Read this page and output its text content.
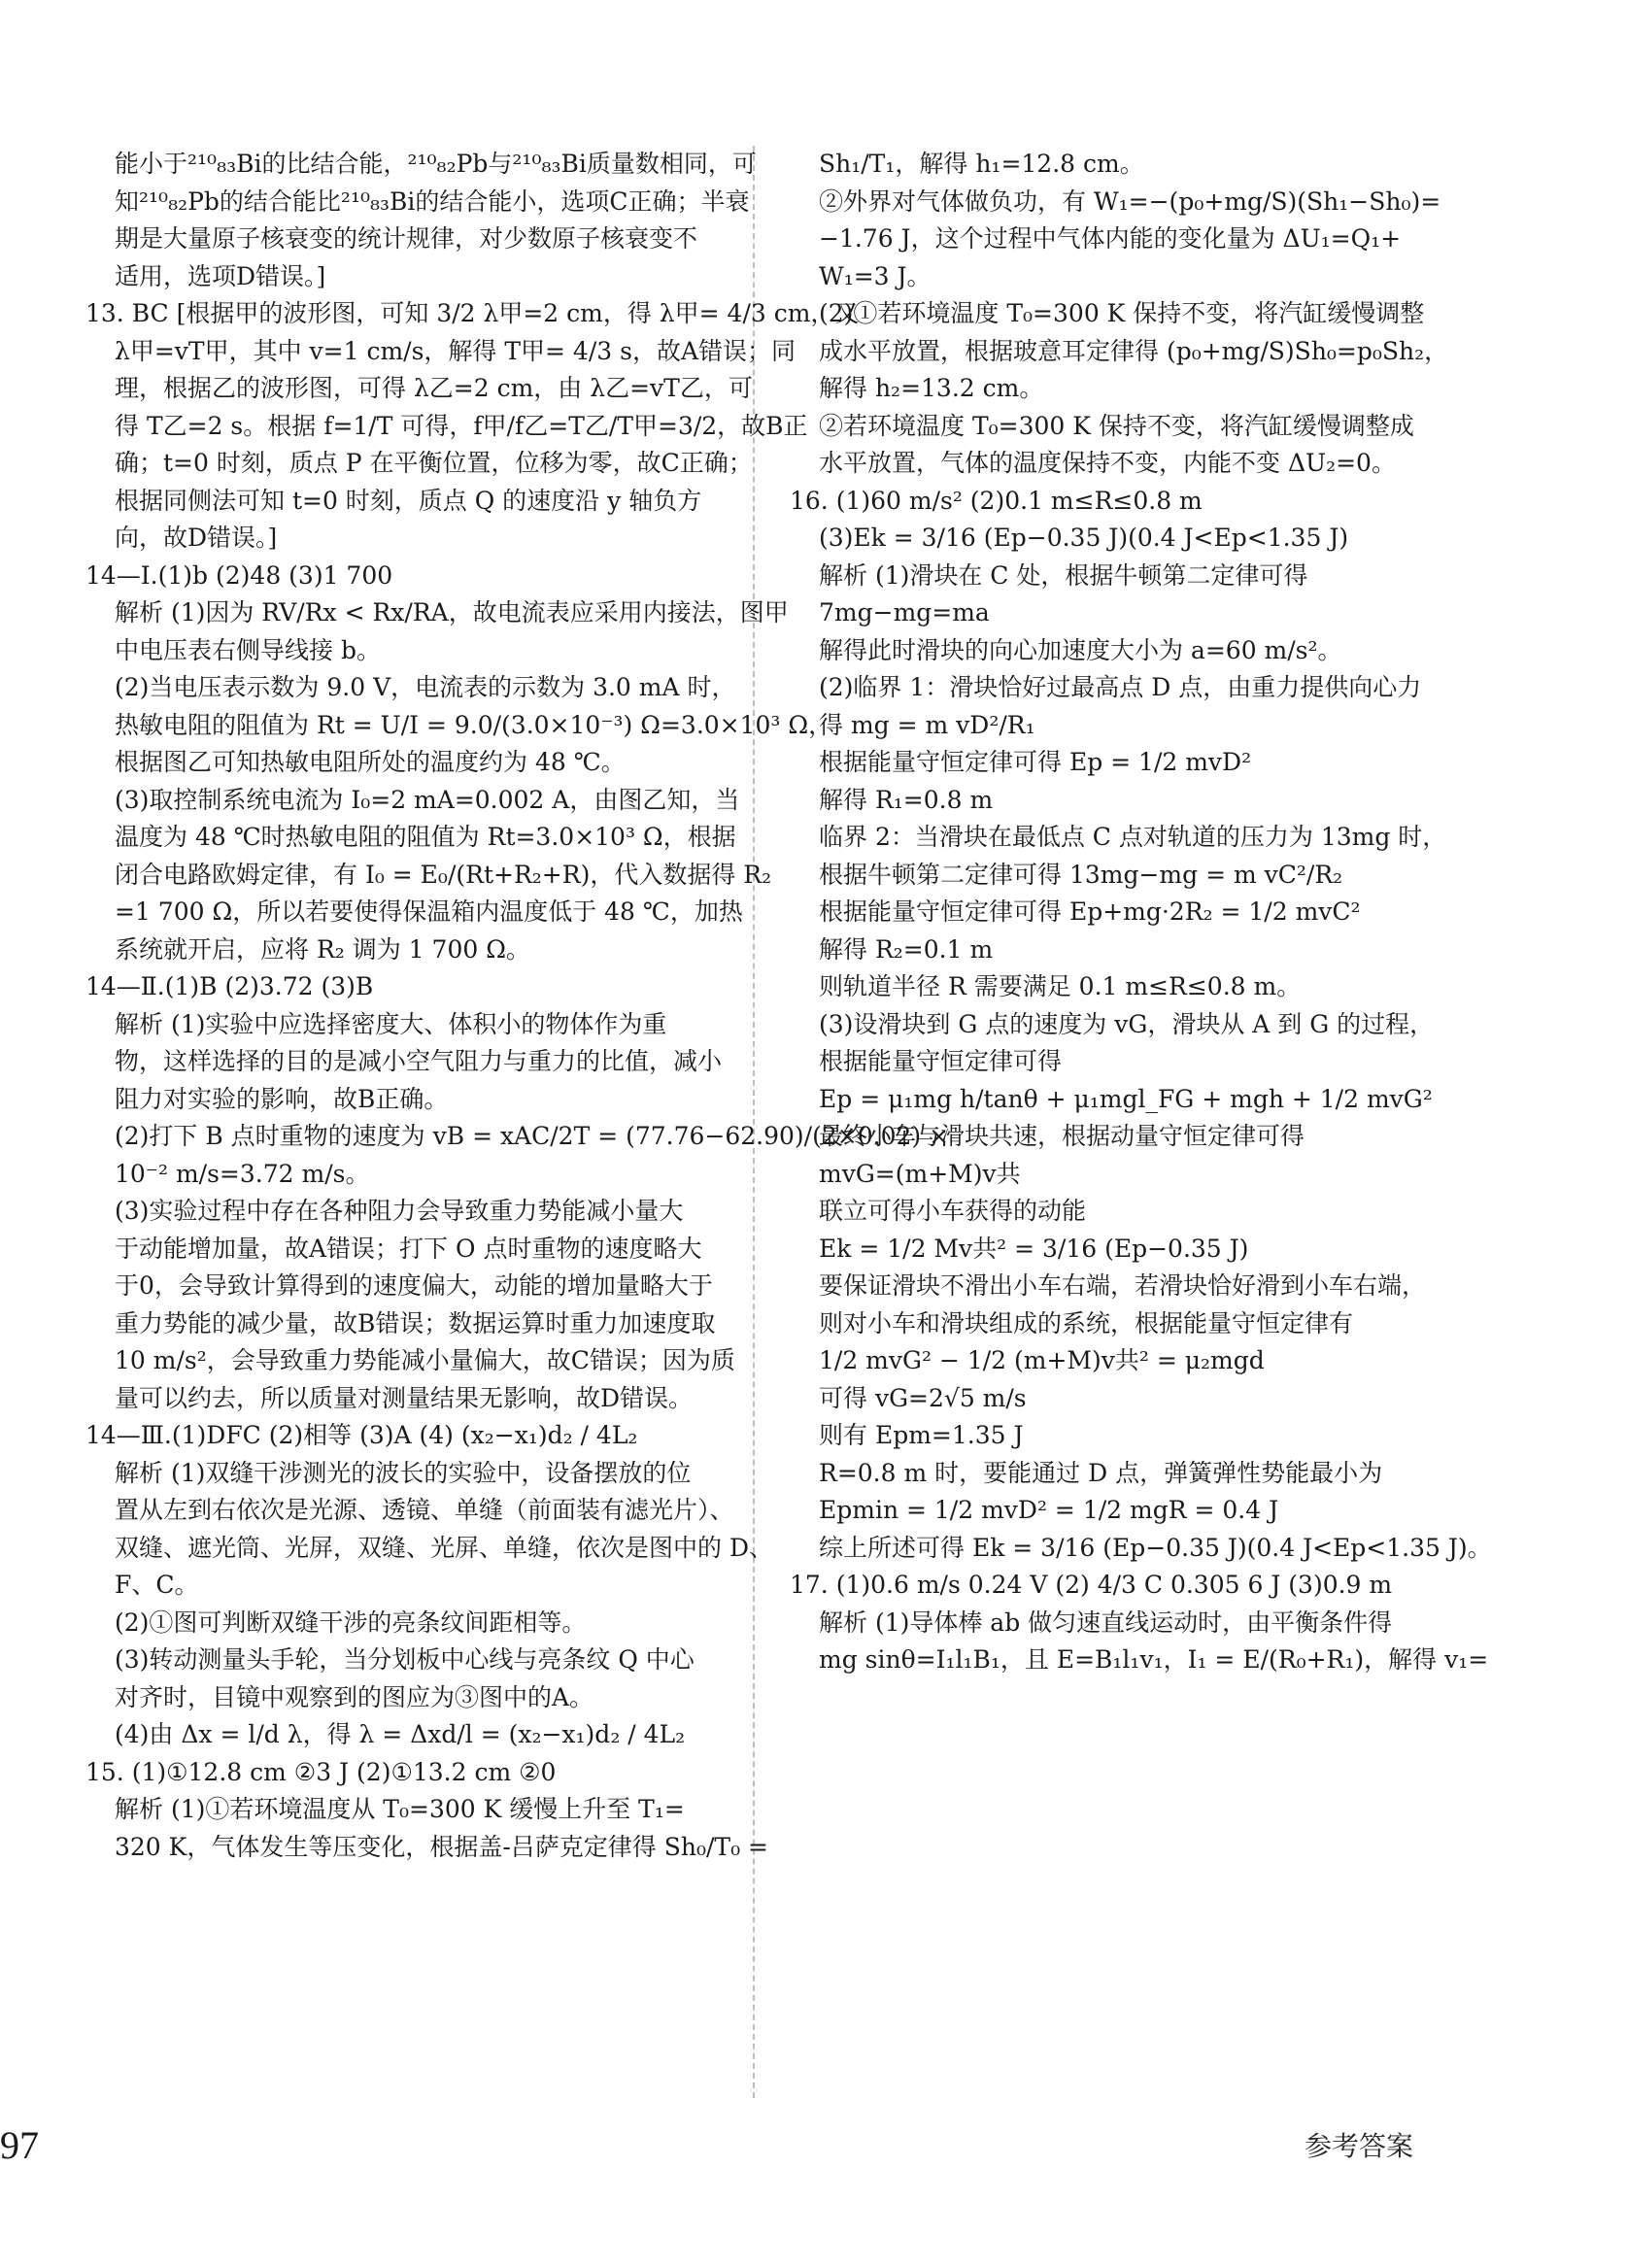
能小于²¹⁰₈₃Bi的比结合能，²¹⁰₈₂Pb与²¹⁰₈₃Bi质量数相同，可

知²¹⁰₈₂Pb的结合能比²¹⁰₈₃Bi的结合能小，选项C正确；半衰

期是大量原子核衰变的统计规律，对少数原子核衰变不

适用，选项D错误。]

13. BC [根据甲的波形图，可知 3/2 λ甲=2 cm，得 λ甲= 4/3 cm，又

λ甲=vT甲，其中 v=1 cm/s，解得 T甲= 4/3 s，故A错误；同

理，根据乙的波形图，可得 λ乙=2 cm，由 λ乙=vT乙，可

得 T乙=2 s。根据 f=1/T 可得，f甲/f乙=T乙/T甲=3/2，故B正

确；t=0 时刻，质点 P 在平衡位置，位移为零，故C正确；

根据同侧法可知 t=0 时刻，质点 Q 的速度沿 y 轴负方

向，故D错误。]

14—Ⅰ.(1)b (2)48 (3)1 700

解析 (1)因为 RV/Rx < Rx/RA，故电流表应采用内接法，图甲

中电压表右侧导线接 b。

(2)当电压表示数为 9.0 V，电流表的示数为 3.0 mA 时，

热敏电阻的阻值为 Rt = U/I = 9.0/(3.0×10⁻³) Ω=3.0×10³ Ω，

根据图乙可知热敏电阻所处的温度约为 48 ℃。

(3)取控制系统电流为 I₀=2 mA=0.002 A，由图乙知，当

温度为 48 ℃时热敏电阻的阻值为 Rt=3.0×10³ Ω，根据

闭合电路欧姆定律，有 I₀ = E₀/(Rt+R₂+R)，代入数据得 R₂

=1 700 Ω，所以若要使得保温箱内温度低于 48 ℃，加热

系统就开启，应将 R₂ 调为 1 700 Ω。

14—Ⅱ.(1)B (2)3.72 (3)B

解析 (1)实验中应选择密度大、体积小的物体作为重

物，这样选择的目的是减小空气阻力与重力的比值，减小

阻力对实验的影响，故B正确。

(2)打下 B 点时重物的速度为 vB = xAC/2T = (77.76−62.90)/(2×0.02) ×

10⁻² m/s=3.72 m/s。

(3)实验过程中存在各种阻力会导致重力势能减小量大

于动能增加量，故A错误；打下 O 点时重物的速度略大

于0，会导致计算得到的速度偏大，动能的增加量略大于

重力势能的减少量，故B错误；数据运算时重力加速度取

10 m/s²，会导致重力势能减小量偏大，故C错误；因为质

量可以约去，所以质量对测量结果无影响，故D错误。

14—Ⅲ.(1)DFC (2)相等 (3)A (4) (x₂−x₁)d₂ / 4L₂

解析 (1)双缝干涉测光的波长的实验中，设备摆放的位

置从左到右依次是光源、透镜、单缝（前面装有滤光片）、

双缝、遮光筒、光屏，双缝、光屏、单缝，依次是图中的 D、

F、C。

(2)①图可判断双缝干涉的亮条纹间距相等。

(3)转动测量头手轮，当分划板中心线与亮条纹 Q 中心

对齐时，目镜中观察到的图应为③图中的A。

(4)由 Δx = l/d λ，得 λ = Δxd/l = (x₂−x₁)d₂ / 4L₂

15. (1)①12.8 cm ②3 J (2)①13.2 cm ②0

解析 (1)①若环境温度从 T₀=300 K 缓慢上升至 T₁=

320 K，气体发生等压变化，根据盖-吕萨克定律得 Sh₀/T₀ =

Sh₁/T₁，解得 h₁=12.8 cm。

②外界对气体做负功，有 W₁=−(p₀+mg/S)(Sh₁−Sh₀)=

−1.76 J，这个过程中气体内能的变化量为 ΔU₁=Q₁+

W₁=3 J。

(2)①若环境温度 T₀=300 K 保持不变，将汽缸缓慢调整

成水平放置，根据玻意耳定律得 (p₀+mg/S)Sh₀=p₀Sh₂，

解得 h₂=13.2 cm。

②若环境温度 T₀=300 K 保持不变，将汽缸缓慢调整成

水平放置，气体的温度保持不变，内能不变 ΔU₂=0。

16. (1)60 m/s² (2)0.1 m≤R≤0.8 m

(3)Ek = 3/16 (Ep−0.35 J)(0.4 J<Ep<1.35 J)

解析 (1)滑块在 C 处，根据牛顿第二定律可得

7mg−mg=ma

解得此时滑块的向心加速度大小为 a=60 m/s²。

(2)临界 1：滑块恰好过最高点 D 点，由重力提供向心力

得 mg = m vD²/R₁

根据能量守恒定律可得 Ep = 1/2 mvD²

解得 R₁=0.8 m

临界 2：当滑块在最低点 C 点对轨道的压力为 13mg 时，

根据牛顿第二定律可得 13mg−mg = m vC²/R₂

根据能量守恒定律可得 Ep+mg·2R₂ = 1/2 mvC²

解得 R₂=0.1 m

则轨道半径 R 需要满足 0.1 m≤R≤0.8 m。

(3)设滑块到 G 点的速度为 vG，滑块从 A 到 G 的过程，

根据能量守恒定律可得

Ep = μ₁mg h/tanθ + μ₁mgl_FG + mgh + 1/2 mvG²

最终小车与滑块共速，根据动量守恒定律可得

mvG=(m+M)v共

联立可得小车获得的动能

Ek = 1/2 Mv共² = 3/16 (Ep−0.35 J)

要保证滑块不滑出小车右端，若滑块恰好滑到小车右端，

则对小车和滑块组成的系统，根据能量守恒定律有

1/2 mvG² − 1/2 (m+M)v共² = μ₂mgd

可得 vG=2√5 m/s

则有 Epm=1.35 J

R=0.8 m 时，要能通过 D 点，弹簧弹性势能最小为

Epmin = 1/2 mvD² = 1/2 mgR = 0.4 J

综上所述可得 Ek = 3/16 (Ep−0.35 J)(0.4 J<Ep<1.35 J)。

17. (1)0.6 m/s 0.24 V (2) 4/3 C 0.305 6 J (3)0.9 m

解析 (1)导体棒 ab 做匀速直线运动时，由平衡条件得

mg sinθ=I₁l₁B₁，且 E=B₁l₁v₁，I₁ = E/(R₀+R₁)，解得 v₁=

97	参考答案
